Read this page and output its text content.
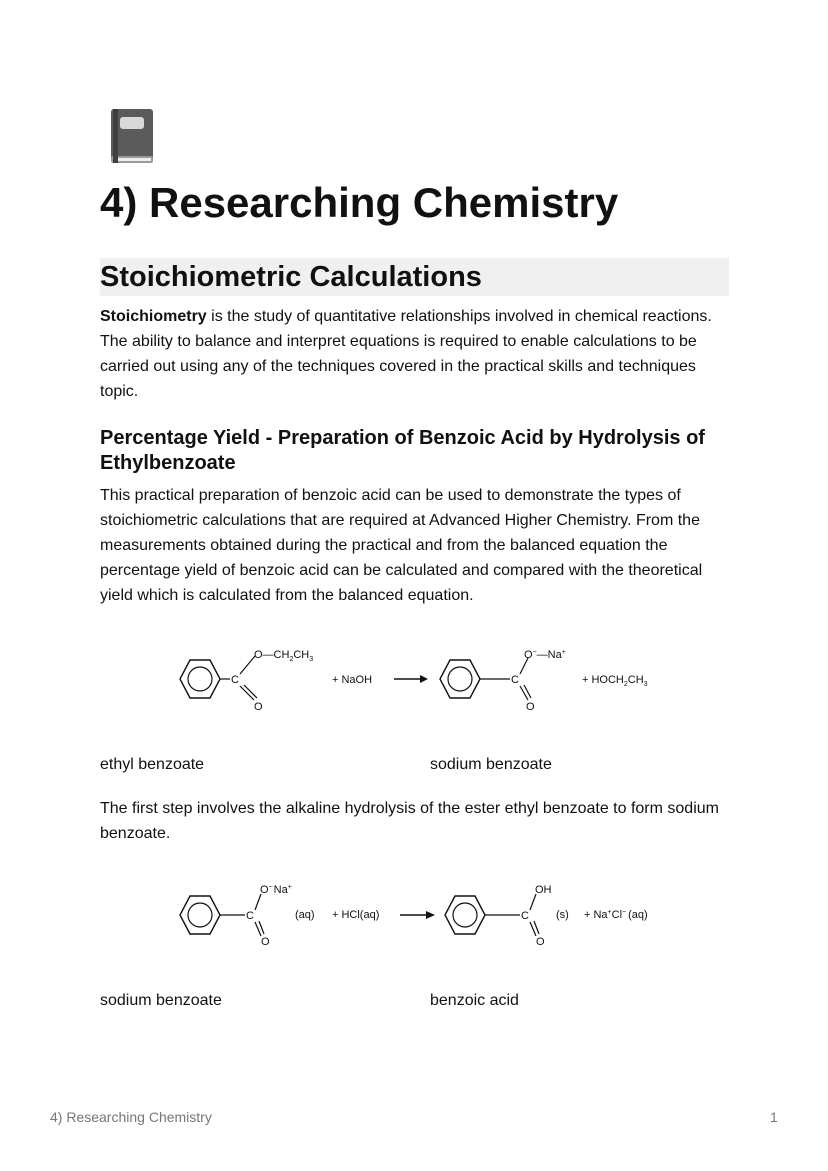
4) Researching Chemistry
Stoichiometric Calculations

Stoichiometry is the study of quantitative relationships involved in chemical reactions. The ability to balance and interpret equations is required to enable calculations to be carried out using any of the techniques covered in the practical skills and techniques topic.

Percentage Yield - Preparation of Benzoic Acid by Hydrolysis of Ethylbenzoate

This practical preparation of benzoic acid can be used to demonstrate the types of stoichiometric calculations that are required at Advanced Higher Chemistry. From the measurements obtained during the practical and from the balanced equation the percentage yield of benzoic acid can be calculated and compared with the theoretical yield which is calculated from the balanced equation.

C
$O—CH_2CH_3$
O
+ NaOH	C
O−—Na+
O
+ $HOCH_2CH_3$
ethyl benzoate	sodium benzoate

The first step involves the alkaline hydrolysis of the ester ethyl benzoate to form sodium benzoate.

C
O−Na+
O
(aq) + HCl(aq)	C
OH
O
(s) + Na+Cl− (aq)
sodium benzoate	benzoic acid
4) Researching Chemistry	1
